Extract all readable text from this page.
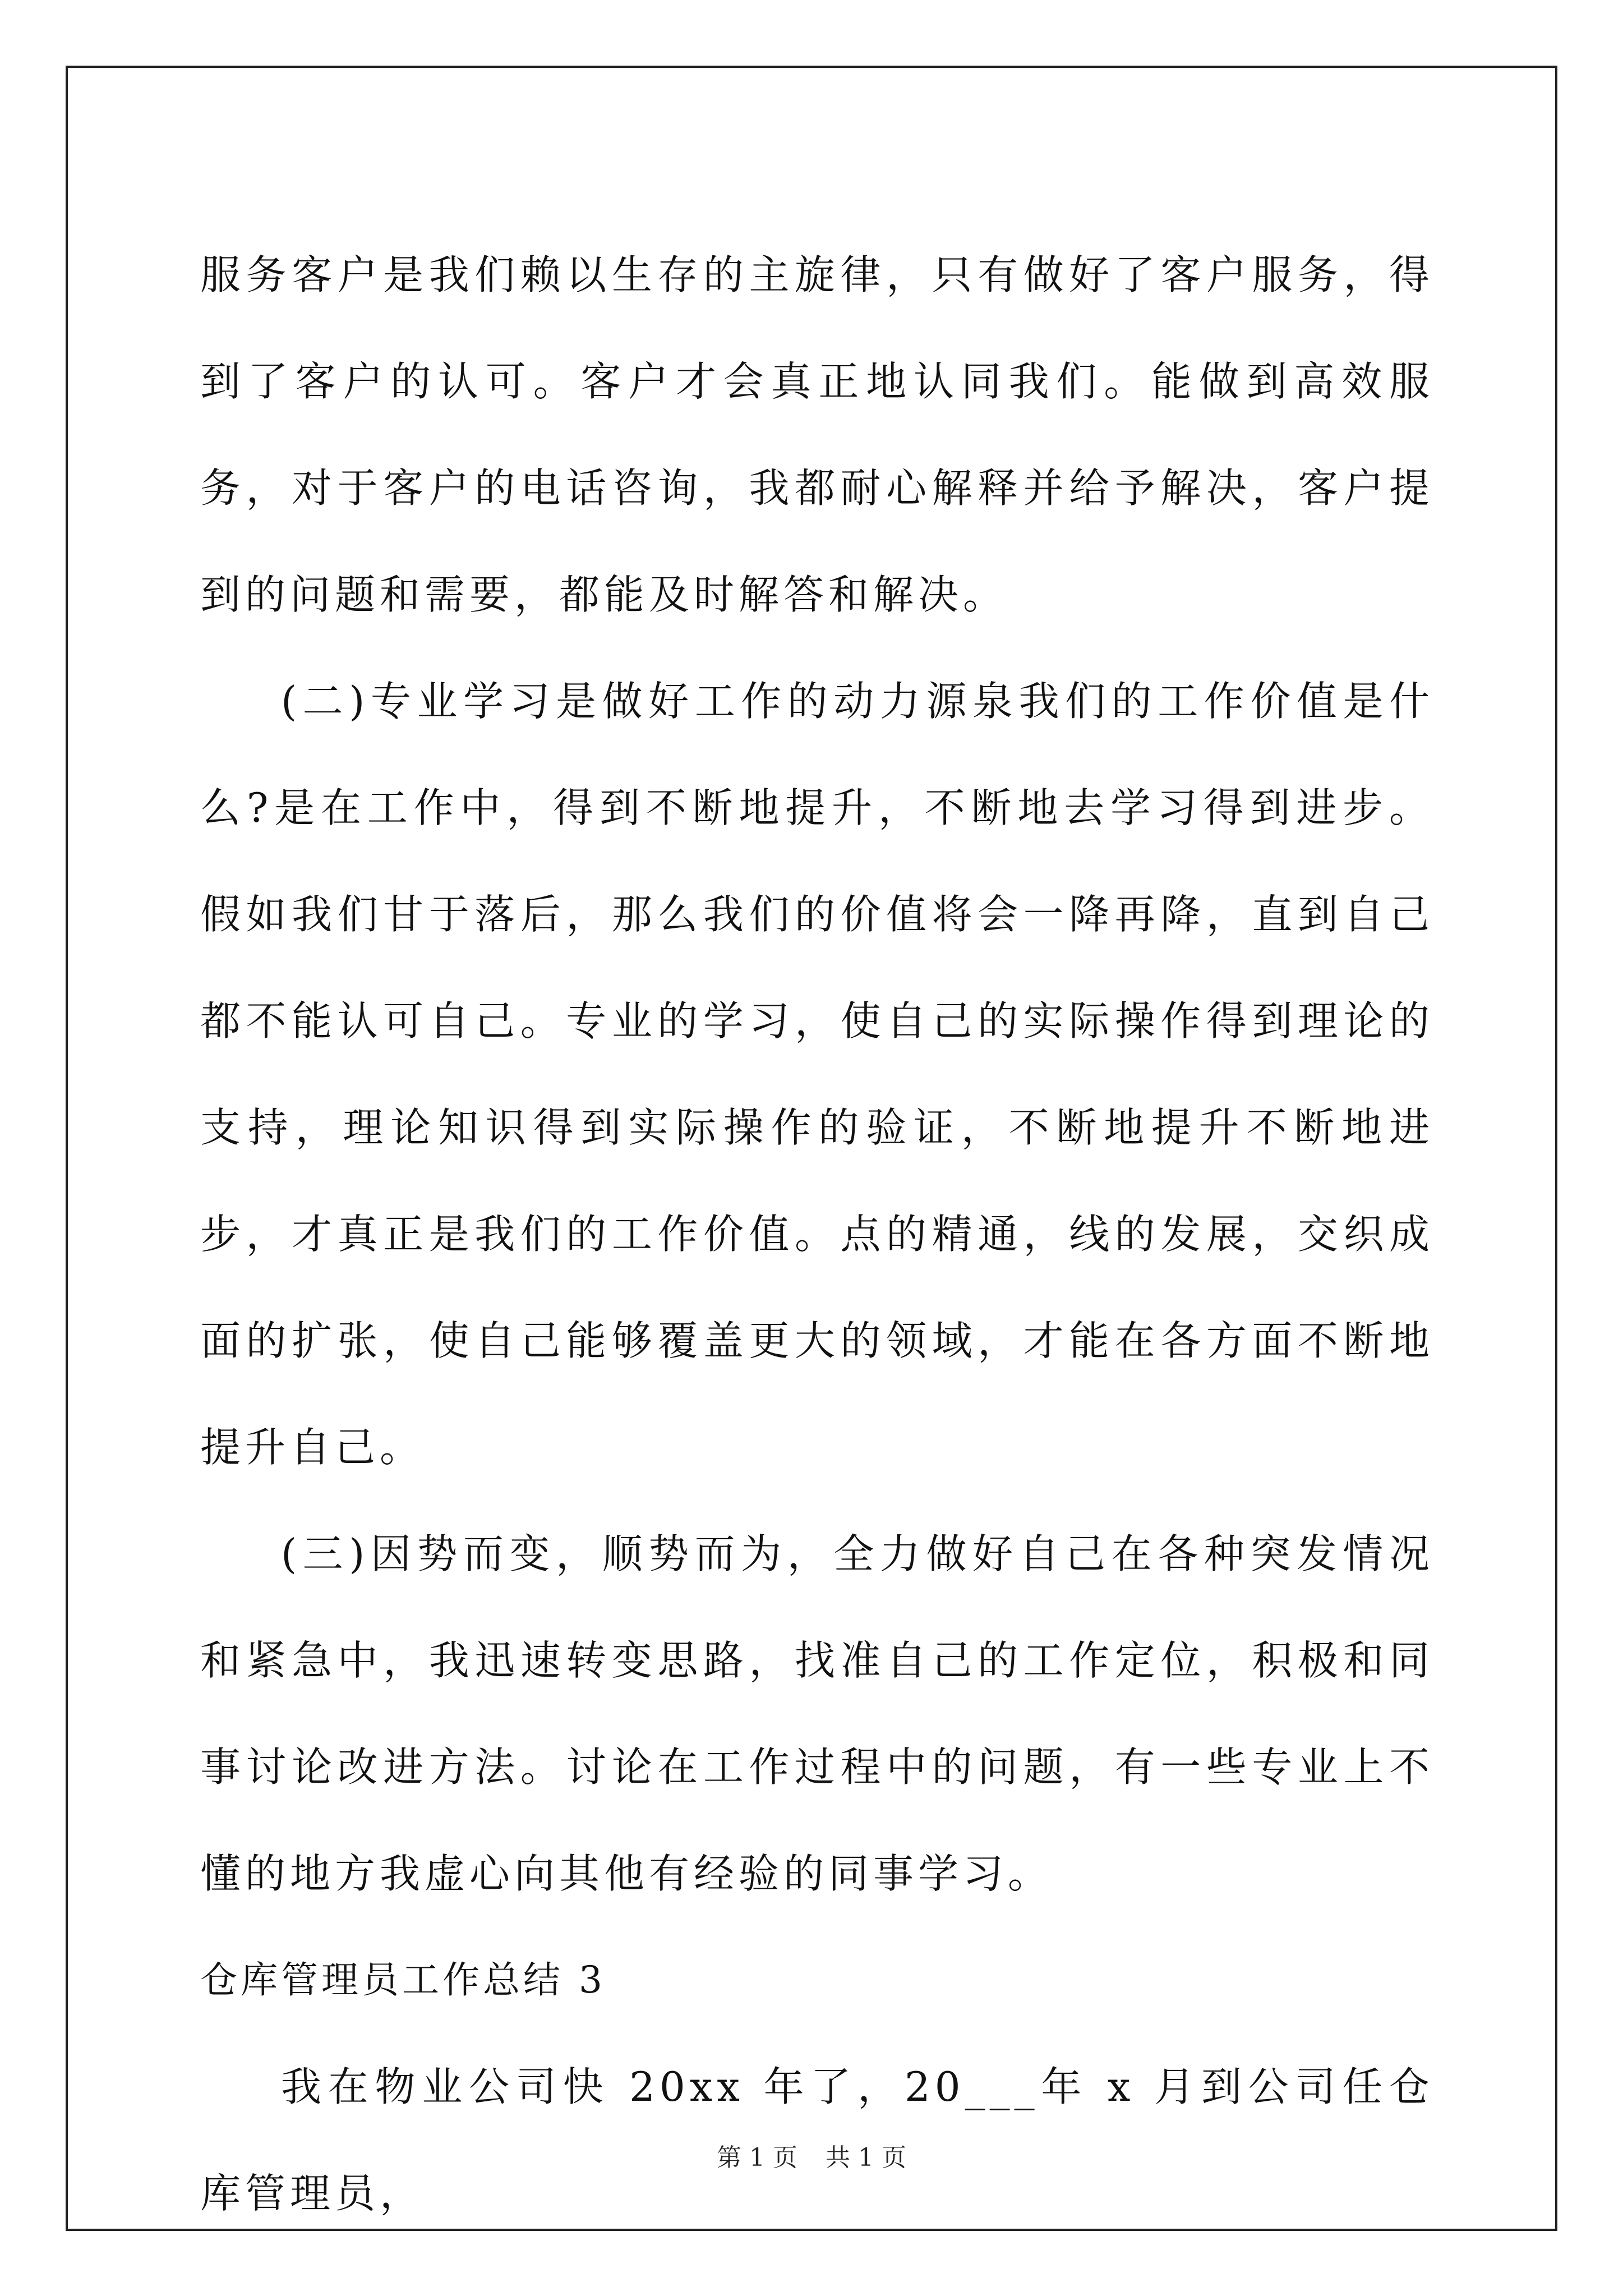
服务客户是我们赖以生存的主旋律，只有做好了客户服务，得到了客户的认可。客户才会真正地认同我们。能做到高效服务，对于客户的电话咨询，我都耐心解释并给予解决，客户提到的问题和需要，都能及时解答和解决。

(二)专业学习是做好工作的动力源泉我们的工作价值是什么?是在工作中，得到不断地提升，不断地去学习得到进步。假如我们甘于落后，那么我们的价值将会一降再降，直到自己都不能认可自己。专业的学习，使自己的实际操作得到理论的支持，理论知识得到实际操作的验证，不断地提升不断地进步，才真正是我们的工作价值。点的精通，线的发展，交织成面的扩张，使自己能够覆盖更大的领域，才能在各方面不断地提升自己。

(三)因势而变，顺势而为，全力做好自己在各种突发情况和紧急中，我迅速转变思路，找准自己的工作定位，积极和同事讨论改进方法。讨论在工作过程中的问题，有一些专业上不懂的地方我虚心向其他有经验的同事学习。

仓库管理员工作总结 3

我在物业公司快 20xx 年了，20___年 x 月到公司任仓库管理员，

第 1 页 共 1 页
